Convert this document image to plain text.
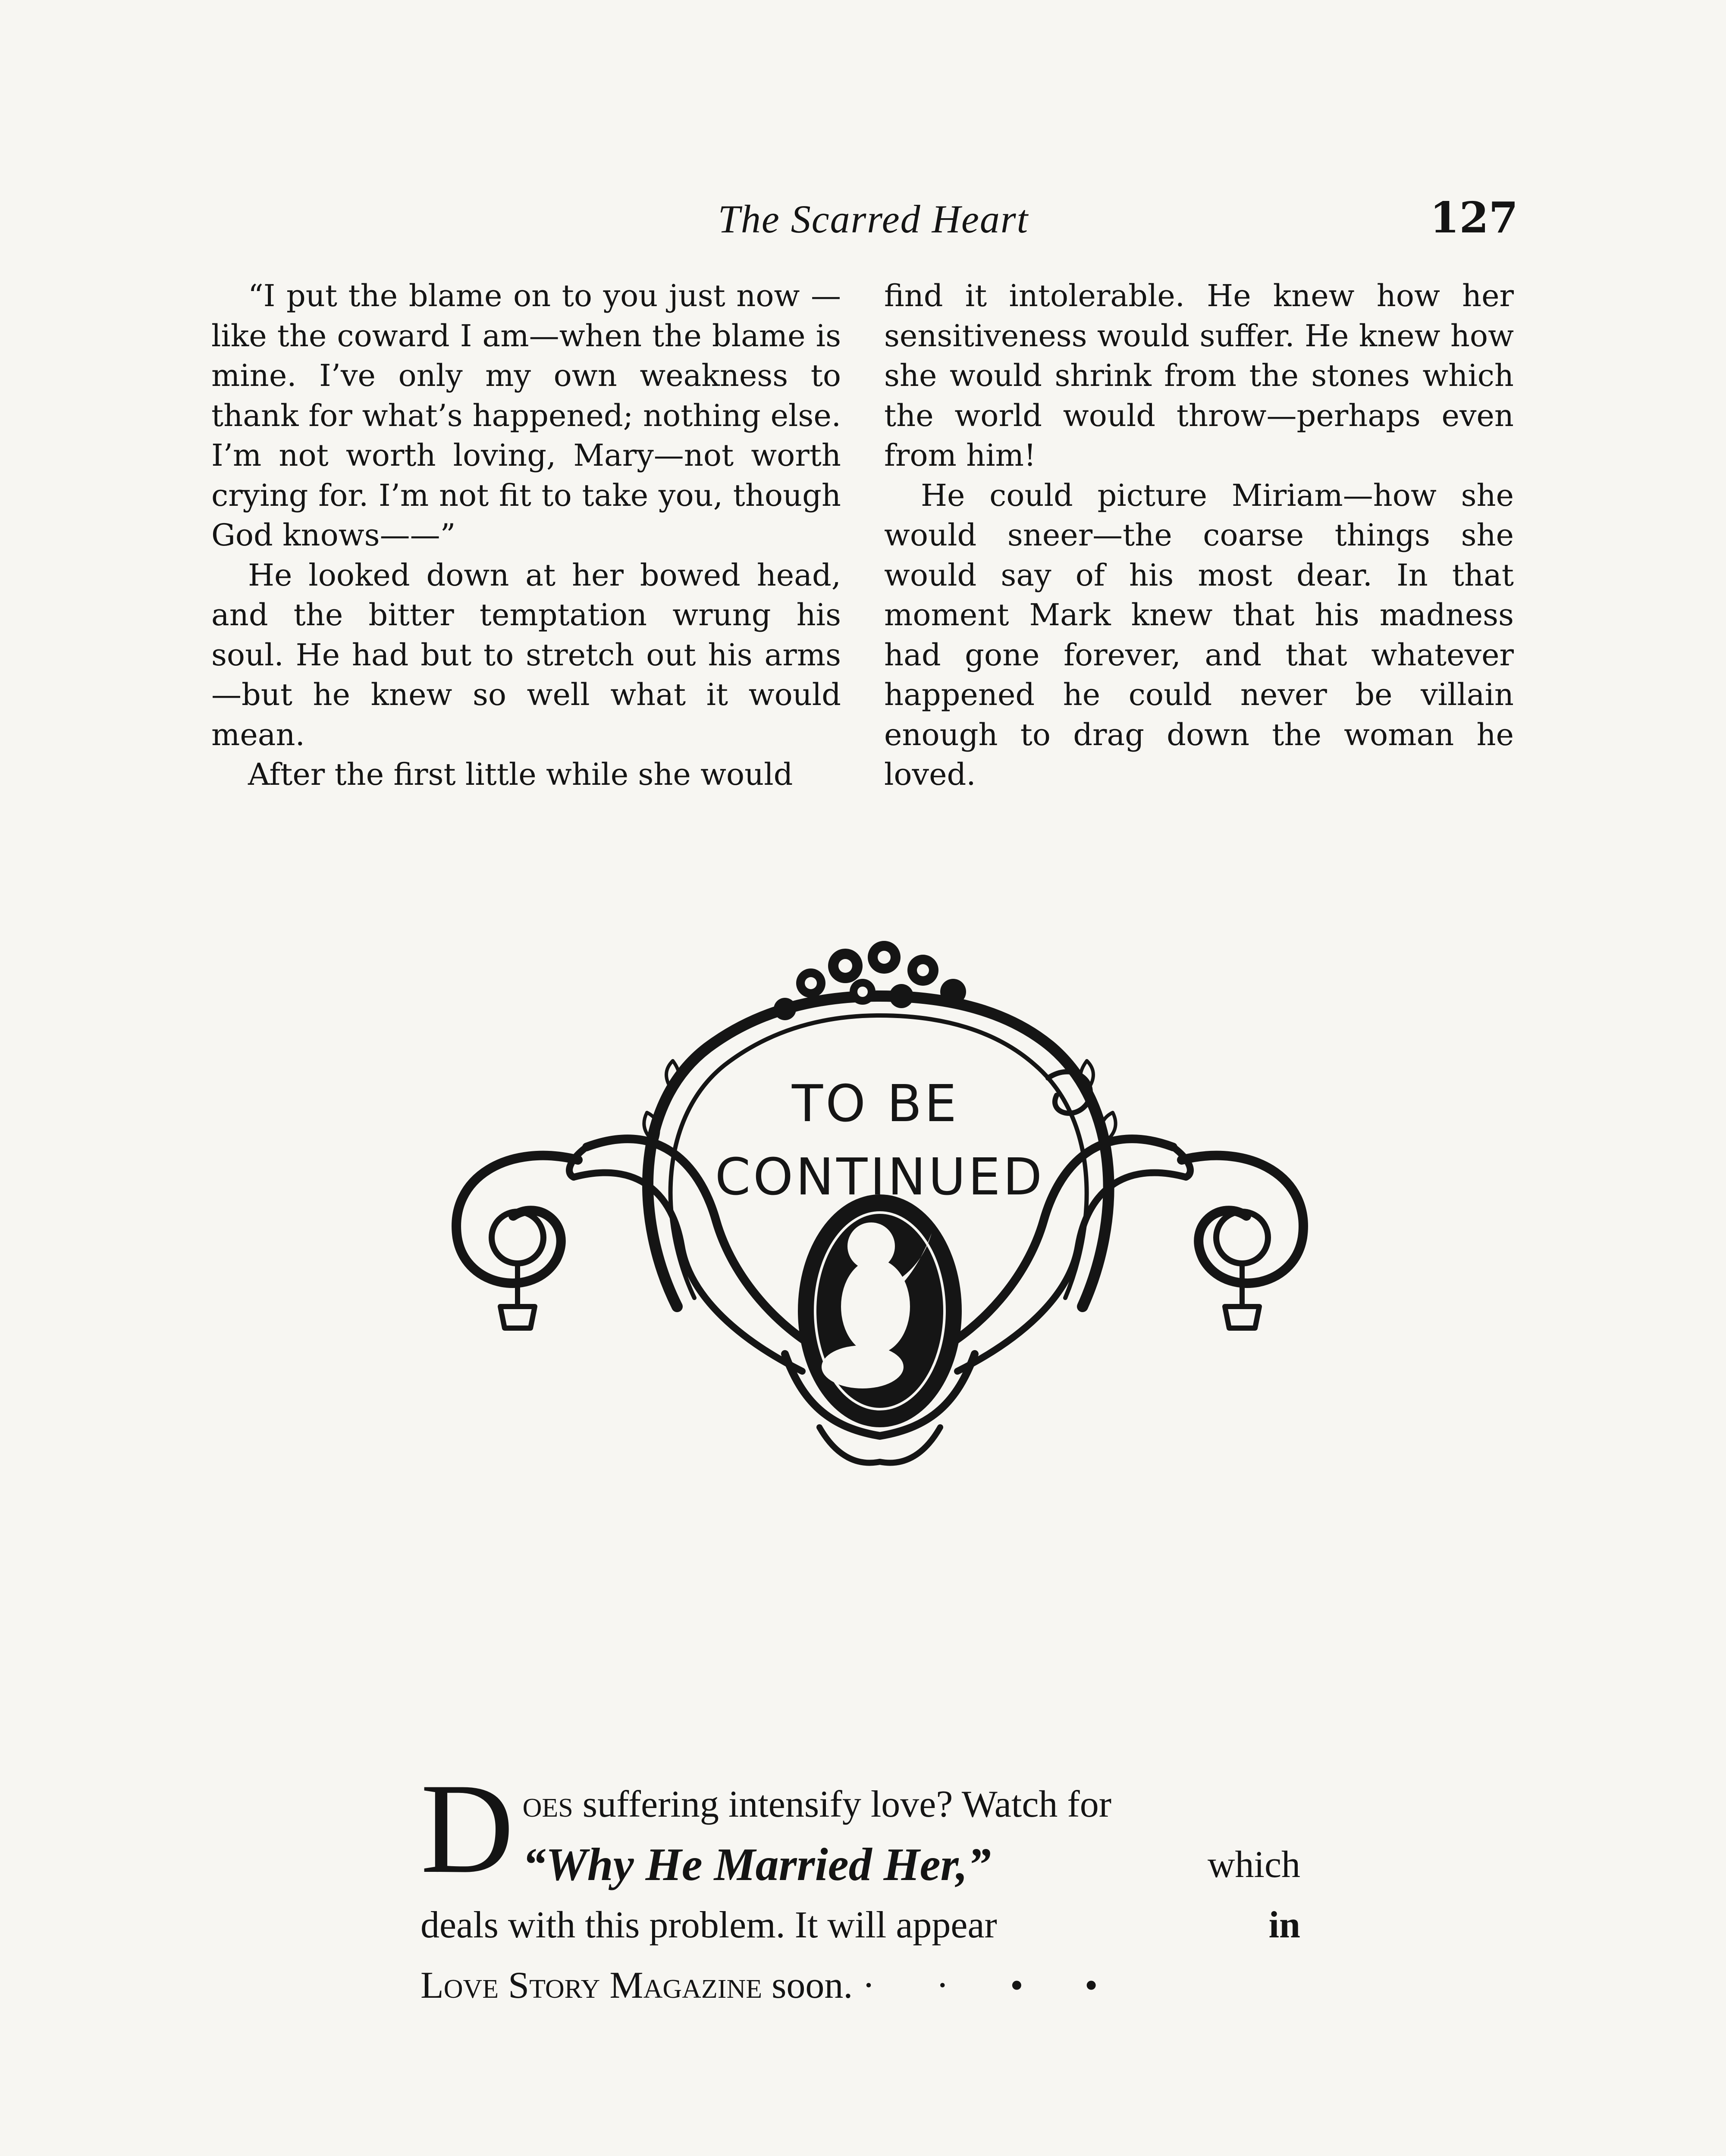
The Scarred Heart	127

“I put the blame on to you just now —like the coward I am—when the blame is mine. I’ve only my own weakness to thank for what’s happened; nothing else. I’m not worth loving, Mary—not worth crying for. I’m not fit to take you, though God knows——”

He looked down at her bowed head, and the bitter temptation wrung his soul. He had but to stretch out his arms—but he knew so well what it would mean.

After the first little while she would

find it intolerable. He knew how her sensitiveness would suffer. He knew how she would shrink from the stones which the world would throw—perhaps even from him!

He could picture Miriam—how she would sneer—the coarse things she would say of his most dear. In that moment Mark knew that his madness had gone forever, and that whatever happened he could never be villain enough to drag down the woman he loved.

TO BE
CONTINUED
D oes suffering intensify love? Watch for
“Why He Married Her,”	which
deals with this problem. It will appear	in
Love Story Magazine soon. · · • •
